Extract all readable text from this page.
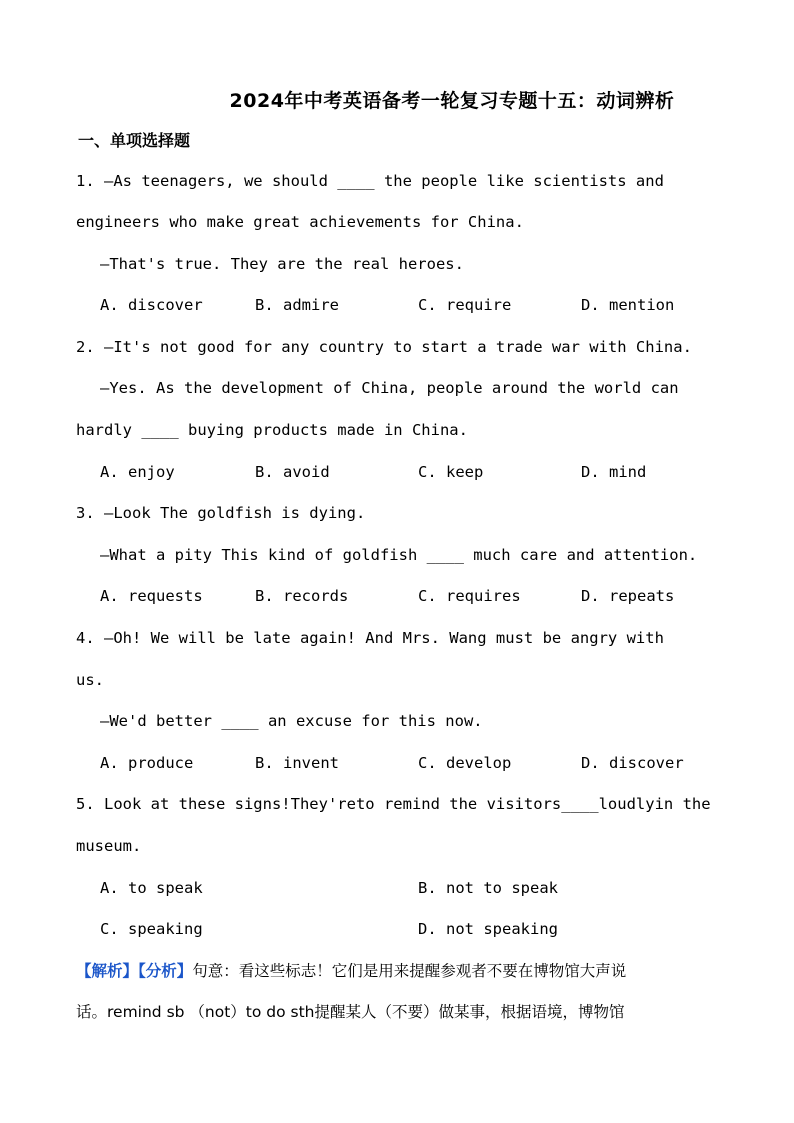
2024年中考英语备考一轮复习专题十五：动词辨析
一、单项选择题
1. —As teenagers, we should ____ the people like scientists and
engineers who make great achievements for China.
—That's true. They are the real heroes.
A. discover	B. admire	C. require	D. mention
2. —It's not good for any country to start a trade war with China.
—Yes. As the development of China, people around the world can
hardly ____ buying products made in China.
A. enjoy	B. avoid	C. keep	D. mind
3. —Look The goldfish is dying.
—What a pity This kind of goldfish ____ much care and attention.
A. requests	B. records	C. requires	D. repeats
4. —Oh! We will be late again! And Mrs. Wang must be angry with
us.
—We'd better ____ an excuse for this now.
A. produce	B. invent	C. develop	D. discover
5. Look at these signs!They'reto remind the visitors____loudlyin the
museum.
A. to speak	B. not to speak
C. speaking	D. not speaking
【解析】【分析】句意：看这些标志！它们是用来提醒参观者不要在博物馆大声说
话。remind sb （not）to do sth提醒某人（不要）做某事，根据语境，博物馆
